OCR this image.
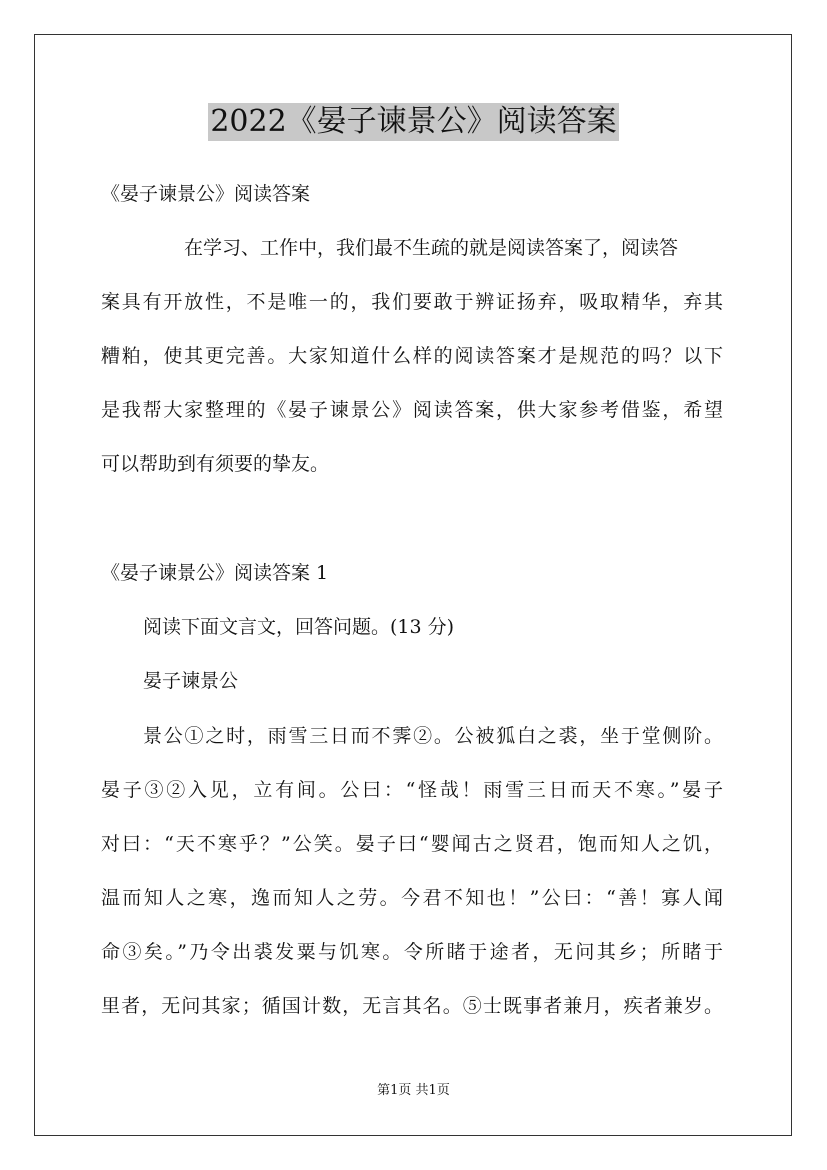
2022《晏子谏景公》阅读答案
《晏子谏景公》阅读答案
在学习、工作中，我们最不生疏的就是阅读答案了，阅读答
案具有开放性，不是唯一的，我们要敢于辨证扬弃，吸取精华，弃其
糟粕，使其更完善。大家知道什么样的阅读答案才是规范的吗？以下
是我帮大家整理的《晏子谏景公》阅读答案，供大家参考借鉴，希望
可以帮助到有须要的挚友。
《晏子谏景公》阅读答案 1
阅读下面文言文，回答问题。(13 分)
晏子谏景公
景公①之时，雨雪三日而不霁②。公被狐白之裘，坐于堂侧阶。
晏子③②入见，立有间。公曰：“怪哉！雨雪三日而天不寒。”晏子
对曰：“天不寒乎？”公笑。晏子曰“婴闻古之贤君，饱而知人之饥，
温而知人之寒，逸而知人之劳。今君不知也！”公曰：“善！寡人闻
命③矣。”乃令出裘发粟与饥寒。令所睹于途者，无问其乡；所睹于
里者，无问其家；循国计数，无言其名。⑤士既事者兼月，疾者兼岁。
第1页 共1页
